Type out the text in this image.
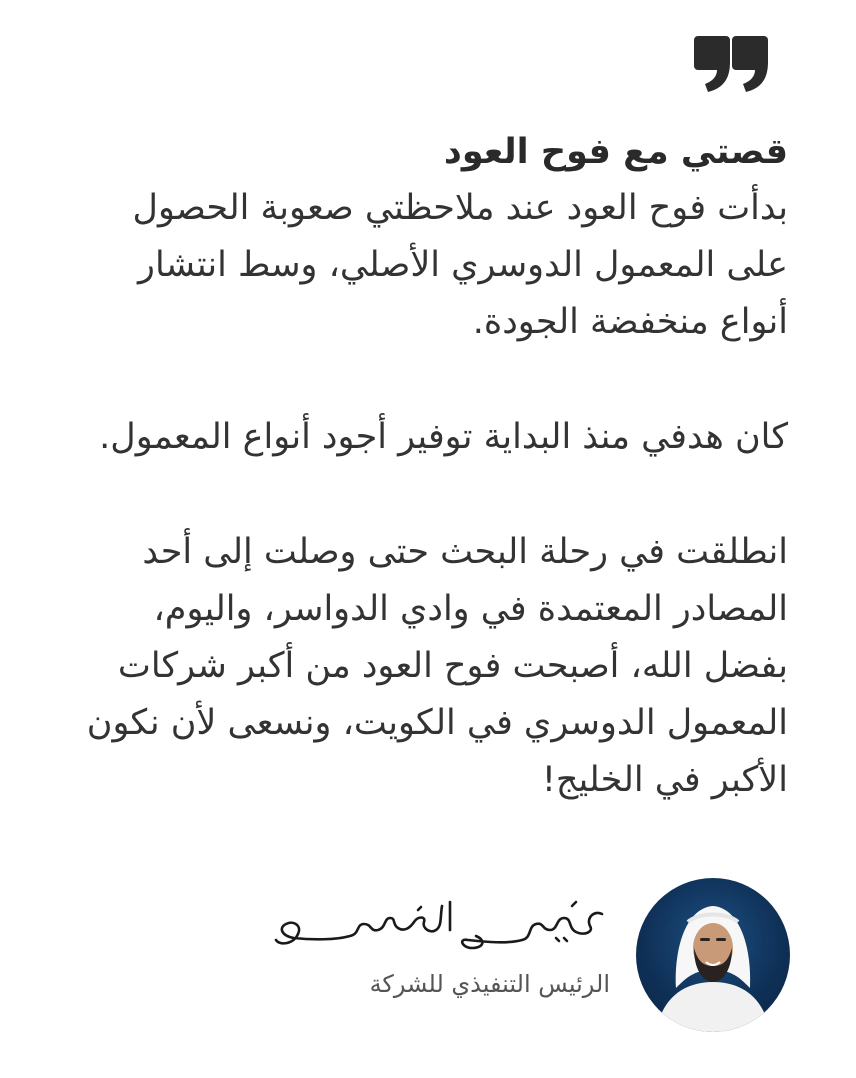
قصتي مع فوح العود

بدأت فوح العود عند ملاحظتي صعوبة الحصول على المعمول الدوسري الأصلي، وسط انتشار أنواع منخفضة الجودة.

كان هدفي منذ البداية توفير أجود أنواع المعمول.

انطلقت في رحلة البحث حتى وصلت إلى أحد المصادر المعتمدة في وادي الدواسر، واليوم، بفضل الله، أصبحت فوح العود من أكبر شركات المعمول الدوسري في الكويت، ونسعى لأن نكون الأكبر في الخليج!

الرئيس التنفيذي للشركة
